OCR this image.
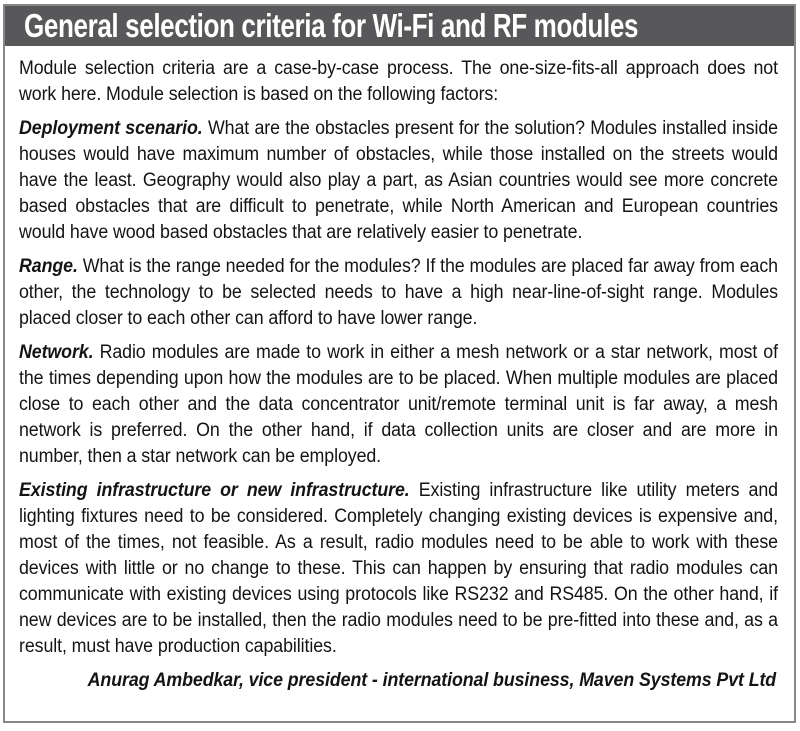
General selection criteria for Wi-Fi and RF modules

Module selection criteria are a case-by-case process. The one-size-fits-all approach does not work here. Module selection is based on the following factors:

Deployment scenario. What are the obstacles present for the solution? Modules installed inside houses would have maximum number of obstacles, while those installed on the streets would have the least. Geography would also play a part, as Asian countries would see more concrete based obstacles that are difficult to penetrate, while North American and European countries would have wood based obstacles that are relatively easier to penetrate.

Range. What is the range needed for the modules? If the modules are placed far away from each other, the technology to be selected needs to have a high near-line-of-sight range. Modules placed closer to each other can afford to have lower range.

Network. Radio modules are made to work in either a mesh network or a star network, most of the times depending upon how the modules are to be placed. When multiple modules are placed close to each other and the data concentrator unit/remote terminal unit is far away, a mesh network is preferred. On the other hand, if data collection units are closer and are more in number, then a star network can be employed.

Existing infrastructure or new infrastructure. Existing infrastructure like utility meters and lighting fixtures need to be considered. Completely changing existing devices is expensive and, most of the times, not feasible. As a result, radio modules need to be able to work with these devices with little or no change to these. This can happen by ensuring that radio modules can communicate with existing devices using protocols like RS232 and RS485. On the other hand, if new devices are to be installed, then the radio modules need to be pre-fitted into these and, as a result, must have production capabilities.

Anurag Ambedkar, vice president - international business, Maven Systems Pvt Ltd
